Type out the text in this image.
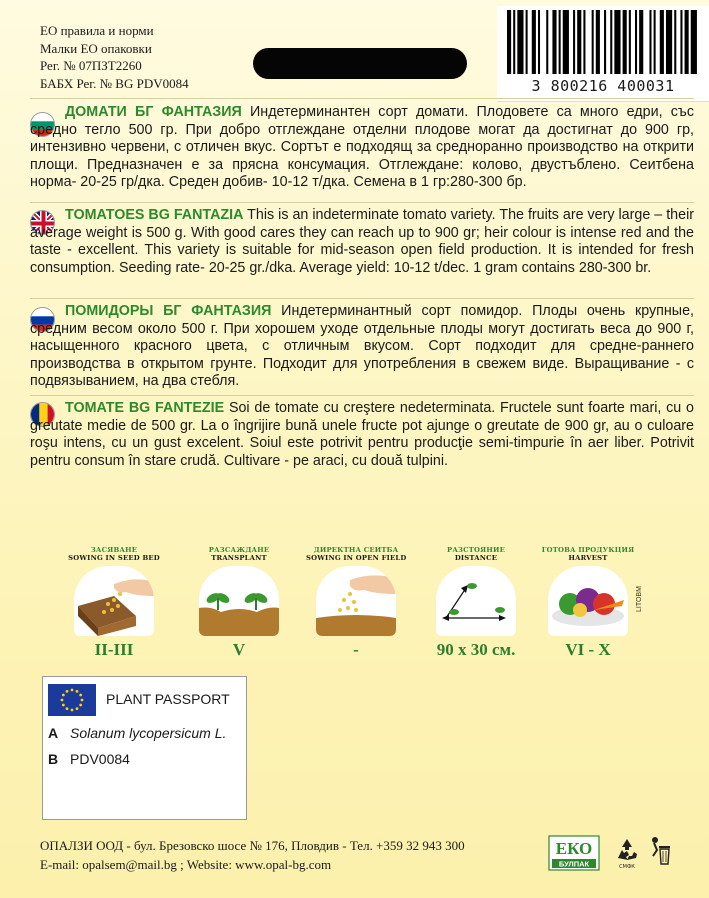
ЕО правила и норми
Малки ЕО опаковки
Рег. № 07ПЗТ2260
БАБХ Рег. № BG PDV0084	3 800216 400031
ДОМАТИ БГ ФАНТАЗИЯ Индетерминантен сорт домати. Плодовете са много едри, със средно тегло 500 гр. При добро отглеждане отделни плодове могат да достигнат до 900 гр, интензивно червени, с отличен вкус. Сортът е подходящ за средноранно производство на открити площи. Предназначен е за прясна консумация. Отглеждане: колово, двустъблено. Сеитбена норма- 20-25 гр/дка. Среден добив- 10-12 т/дка. Семена в 1 гр:280-300 бр.
TOMATOES BG FANTAZIA This is an indeterminate tomato variety. The fruits are very large – their average weight is 500 g. With good cares they can reach up to 900 gr; heir colour is intense red and the taste - excellent. This variety is suitable for mid-season open field production. It is intended for fresh consumption. Seeding rate- 20-25 gr./dka. Average yield: 10-12 t/dec. 1 gram contains 280-300 br.
ПОМИДОРЫ БГ ФАНТАЗИЯ Индетерминантный сорт помидор. Плоды очень крупные, средним весом около 500 г. При хорошем уходе отдельные плоды могут достигать веса до 900 г, насыщенного красного цвета, с отличным вкусом. Сорт подходит для средне-раннего производства в открытом грунте. Подходит для употребления в свежем виде. Выращивание - с подвязыванием, на два стебля.
TOMATE BG FANTEZIE Soi de tomate cu creştere nedeterminata. Fructele sunt foarte mari, cu o greutate medie de 500 gr. La o îngrijire bună unele fructe pot ajunge o greutate de 900 gr, au o culoare roşu intens, cu un gust excelent. Soiul este potrivit pentru producţie semi-timpurie în aer liber. Potrivit pentru consum în stare crudă. Cultivare - pe araci, cu două tulpini.
ЗАСЯВАНЕ
SOWING IN SEED BED
II-III
РАЗСАЖДАНЕ
TRANSPLANT
V
ДИРЕКТНА СЕИТБА
SOWING IN OPEN FIELD
-
РАЗСТОЯНИЕ
DISTANCE
90 x 30 см.
ГОТОВА ПРОДУКЦИЯ
HARVEST
VI - X
LITOBM
PLANT PASSPORT
A Solanum lycopersicum L.
B PDV0084
ОПАЛЗИ ООД - бул. Брезовско шосе № 176, Пловдив - Тел. +359 32 943 300
E-mail: opalsem@mail.bg ; Website: www.opal-bg.com
ЕКО
БУЛПАК	СМФК
